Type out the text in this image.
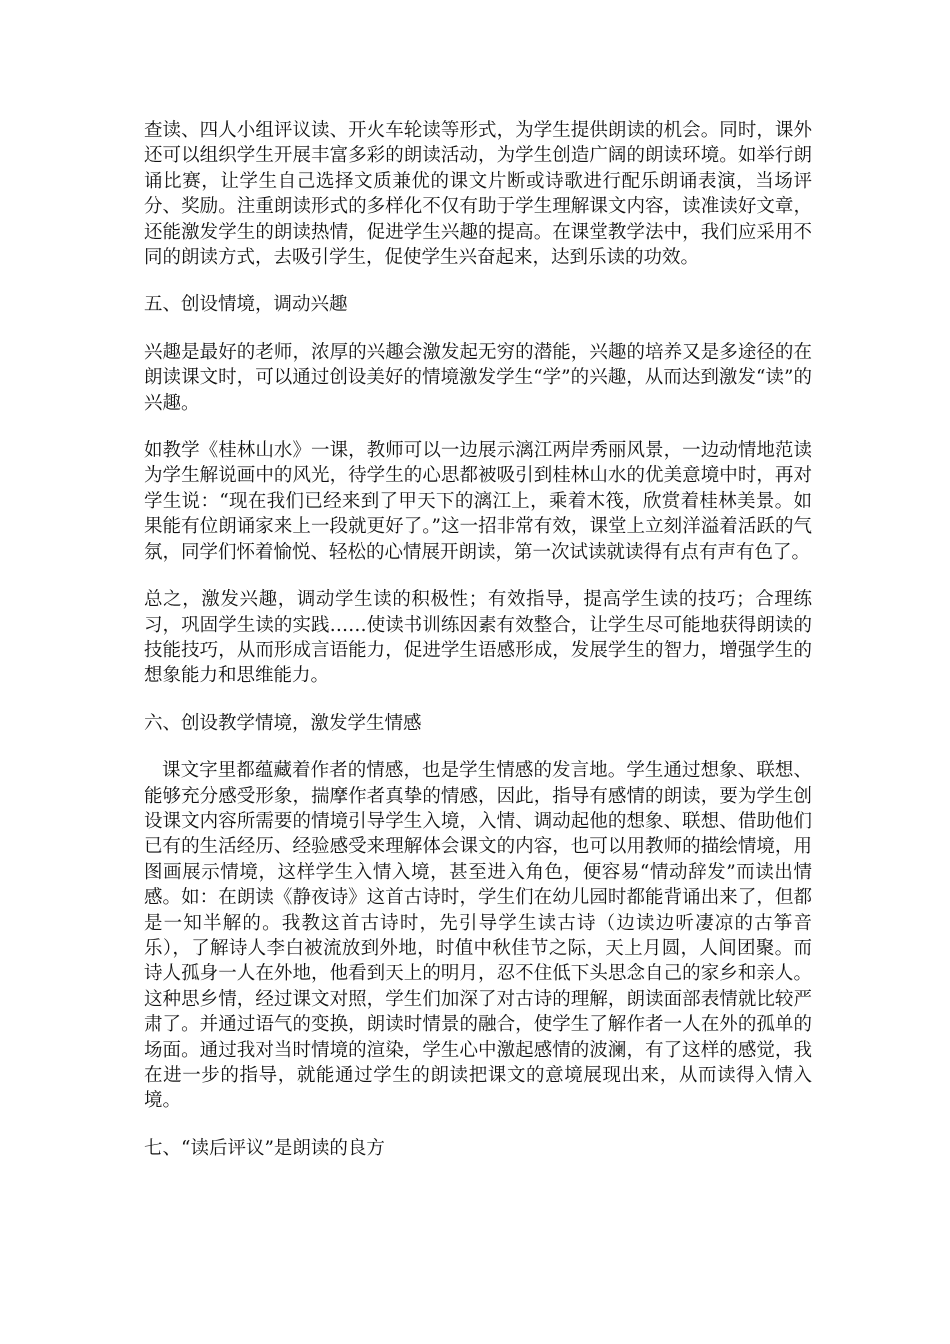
查读、四人小组评议读、开火车轮读等形式，为学生提供朗读的机会。同时，课外还可以组织学生开展丰富多彩的朗读活动，为学生创造广阔的朗读环境。如举行朗诵比赛，让学生自己选择文质兼优的课文片断或诗歌进行配乐朗诵表演，当场评分、奖励。注重朗读形式的多样化不仅有助于学生理解课文内容，读准读好文章，还能激发学生的朗读热情，促进学生兴趣的提高。在课堂教学法中，我们应采用不同的朗读方式，去吸引学生，促使学生兴奋起来，达到乐读的功效。

五、创设情境，调动兴趣

兴趣是最好的老师，浓厚的兴趣会激发起无穷的潜能，兴趣的培养又是多途径的在朗读课文时，可以通过创设美好的情境激发学生“学”的兴趣，从而达到激发“读”的兴趣。

如教学《桂林山水》一课，教师可以一边展示漓江两岸秀丽风景，一边动情地范读为学生解说画中的风光，待学生的心思都被吸引到桂林山水的优美意境中时，再对学生说：“现在我们已经来到了甲天下的漓江上，乘着木筏，欣赏着桂林美景。如果能有位朗诵家来上一段就更好了。”这一招非常有效，课堂上立刻洋溢着活跃的气氛，同学们怀着愉悦、轻松的心情展开朗读，第一次试读就读得有点有声有色了。

总之，激发兴趣，调动学生读的积极性；有效指导，提高学生读的技巧；合理练习，巩固学生读的实践……使读书训练因素有效整合，让学生尽可能地获得朗读的技能技巧，从而形成言语能力，促进学生语感形成，发展学生的智力，增强学生的想象能力和思维能力。

六、创设教学情境，激发学生情感

课文字里都蕴藏着作者的情感，也是学生情感的发言地。学生通过想象、联想、能够充分感受形象，揣摩作者真挚的情感，因此，指导有感情的朗读，要为学生创设课文内容所需要的情境引导学生入境，入情、调动起他的想象、联想、借助他们已有的生活经历、经验感受来理解体会课文的内容，也可以用教师的描绘情境，用图画展示情境，这样学生入情入境，甚至进入角色，便容易“情动辞发”而读出情感。如：在朗读《静夜诗》这首古诗时，学生们在幼儿园时都能背诵出来了，但都是一知半解的。我教这首古诗时，先引导学生读古诗（边读边听凄凉的古筝音乐），了解诗人李白被流放到外地，时值中秋佳节之际，天上月圆，人间团聚。而诗人孤身一人在外地，他看到天上的明月，忍不住低下头思念自己的家乡和亲人。这种思乡情，经过课文对照，学生们加深了对古诗的理解，朗读面部表情就比较严肃了。并通过语气的变换，朗读时情景的融合，使学生了解作者一人在外的孤单的场面。通过我对当时情境的渲染，学生心中激起感情的波澜，有了这样的感觉，我在进一步的指导，就能通过学生的朗读把课文的意境展现出来，从而读得入情入境。

七、“读后评议”是朗读的良方
